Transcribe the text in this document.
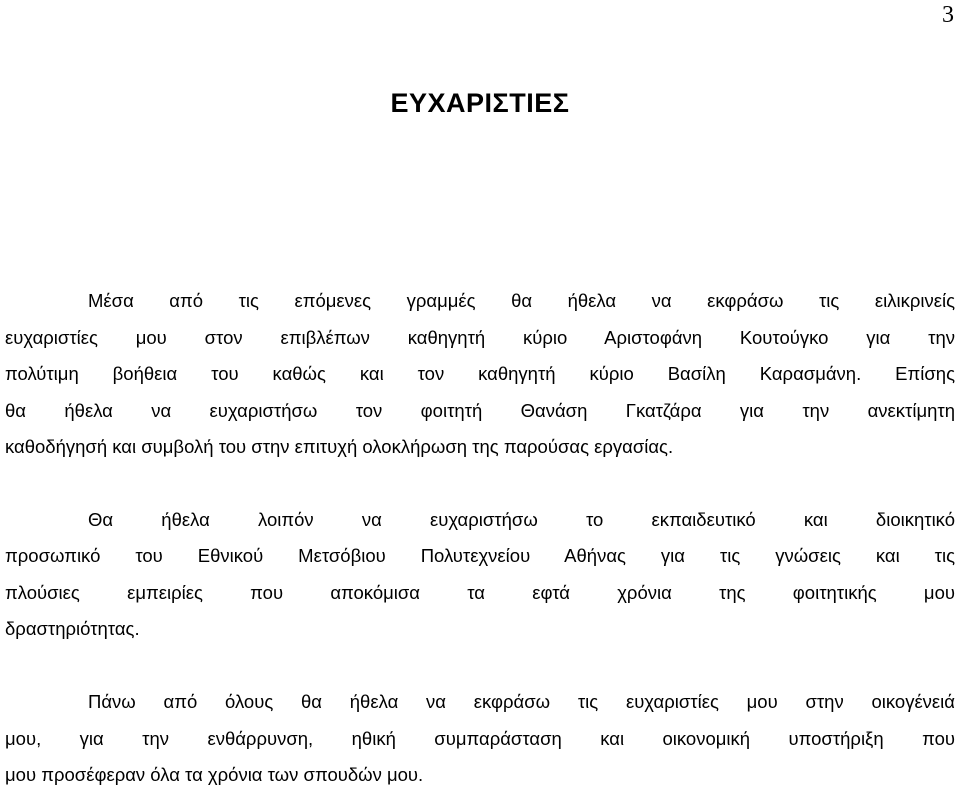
3
ΕΥΧΑΡΙΣΤΙΕΣ
Μέσα από τις επόμενες γραμμές θα ήθελα να εκφράσω τις ειλικρινείς
ευχαριστίες μου στον επιβλέπων καθηγητή κύριο Αριστοφάνη Κουτούγκο για την
πολύτιμη βοήθεια του καθώς και τον καθηγητή κύριο Βασίλη Καρασμάνη. Επίσης
θα ήθελα να ευχαριστήσω τον φοιτητή Θανάση Γκατζάρα για την ανεκτίμητη
καθοδήγησή και συμβολή του στην επιτυχή ολοκλήρωση της παρούσας εργασίας.
Θα ήθελα λοιπόν να ευχαριστήσω το εκπαιδευτικό και διοικητικό
προσωπικό του Εθνικού Μετσόβιου Πολυτεχνείου Αθήνας για τις γνώσεις και τις
πλούσιες εμπειρίες που αποκόμισα τα εφτά χρόνια της φοιτητικής μου
δραστηριότητας.
Πάνω από όλους θα ήθελα να εκφράσω τις ευχαριστίες μου στην οικογένειά
μου, για την ενθάρρυνση, ηθική συμπαράσταση και οικονομική υποστήριξη που
μου προσέφεραν όλα τα χρόνια των σπουδών μου.
